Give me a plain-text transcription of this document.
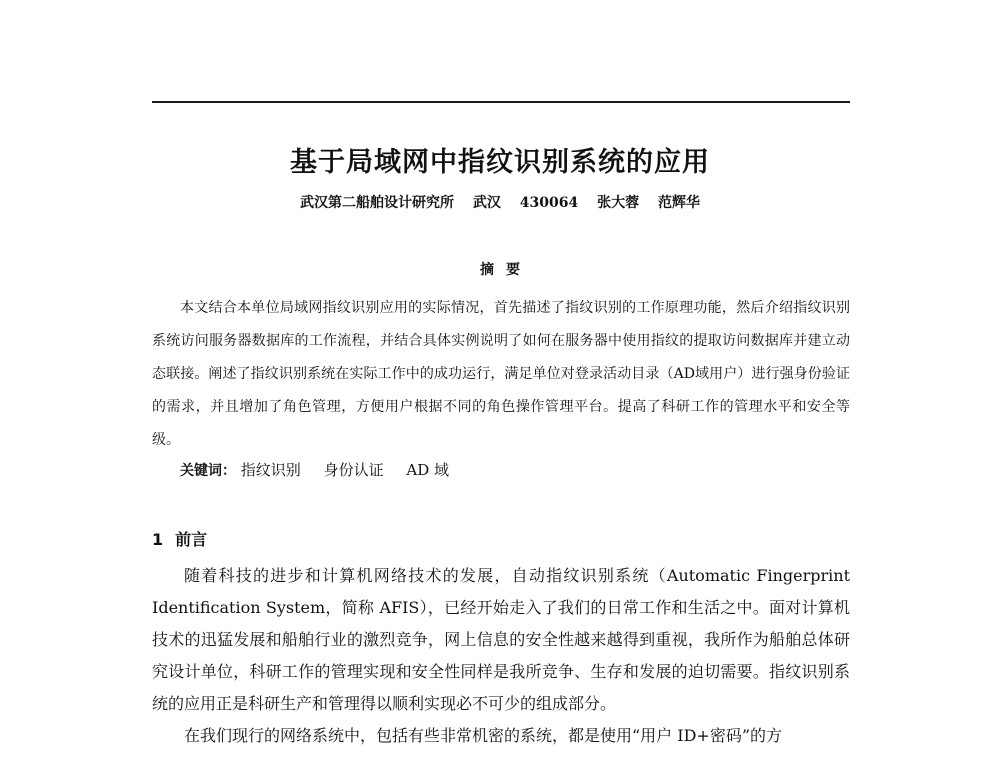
基于局域网中指纹识别系统的应用

武汉第二船舶设计研究所 武汉 430064 张大蓉 范辉华

摘 要

本文结合本单位局域网指纹识别应用的实际情况，首先描述了指纹识别的工作原理功能，然后介绍指纹识别系统访问服务器数据库的工作流程，并结合具体实例说明了如何在服务器中使用指纹的提取访问数据库并建立动态联接。阐述了指纹识别系统在实际工作中的成功运行，满足单位对登录活动目录（AD域用户）进行强身份验证的需求，并且增加了角色管理，方便用户根据不同的角色操作管理平台。提高了科研工作的管理水平和安全等级。

关键词： 指纹识别 身份认证 AD 域

1 前言

随着科技的进步和计算机网络技术的发展，自动指纹识别系统（Automatic Fingerprint Identification System，简称 AFIS），已经开始走入了我们的日常工作和生活之中。面对计算机技术的迅猛发展和船舶行业的激烈竞争，网上信息的安全性越来越得到重视，我所作为船舶总体研究设计单位，科研工作的管理实现和安全性同样是我所竞争、生存和发展的迫切需要。指纹识别系统的应用正是科研生产和管理得以顺利实现必不可少的组成部分。

在我们现行的网络系统中，包括有些非常机密的系统，都是使用“用户 ID+密码”的方
